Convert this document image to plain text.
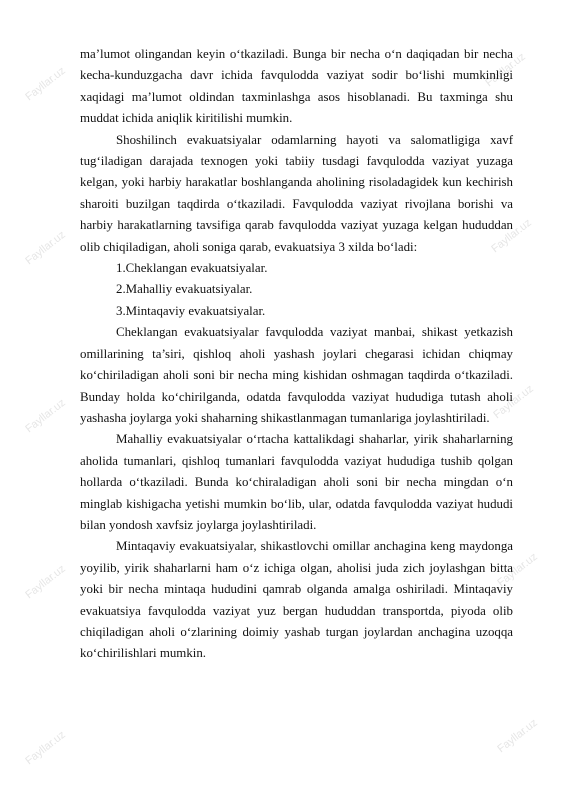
Fayllar.uz	Fayllar.uz
Fayllar.uz	Fayllar.uz
Fayllar.uz	Fayllar.uz
Fayllar.uz	Fayllar.uz
Fayllar.uz	Fayllar.uz

ma’lumot olingandan keyin o‘tkaziladi. Bunga bir necha o‘n daqiqadan bir necha kecha-kunduzgacha davr ichida favqulodda vaziyat sodir bo‘lishi mumkinligi xaqidagi ma’lumot oldindan taxminlashga asos hisoblanadi. Bu taxminga shu muddat ichida aniqlik kiritilishi mumkin.

Shoshilinch evakuatsiyalar odamlarning hayoti va salomatligiga xavf tug‘iladigan darajada texnogen yoki tabiiy tusdagi favqulodda vaziyat yuzaga kelgan, yoki harbiy harakatlar boshlanganda aholining risoladagidek kun kechirish sharoiti buzilgan taqdirda o‘tkaziladi. Favqulodda vaziyat rivojlana borishi va harbiy harakatlarning tavsifiga qarab favqulodda vaziyat yuzaga kelgan hududdan olib chiqiladigan, aholi soniga qarab, evakuatsiya 3 xilda bo‘ladi:

1.Cheklangan evakuatsiyalar.

2.Mahalliy evakuatsiyalar.

3.Mintaqaviy evakuatsiyalar.

Cheklangan evakuatsiyalar favqulodda vaziyat manbai, shikast yetkazish omillarining ta’siri, qishloq aholi yashash joylari chegarasi ichidan chiqmay ko‘chiriladigan aholi soni bir necha ming kishidan oshmagan taqdirda o‘tkaziladi. Bunday holda ko‘chirilganda, odatda favqulodda vaziyat hududiga tutash aholi yashasha joylarga yoki shaharning shikastlanmagan tumanlariga joylashtiriladi.

Mahalliy evakuatsiyalar o‘rtacha kattalikdagi shaharlar, yirik shaharlarning aholida tumanlari, qishloq tumanlari favqulodda vaziyat hududiga tushib qolgan hollarda o‘tkaziladi. Bunda ko‘chiraladigan aholi soni bir necha mingdan o‘n minglab kishigacha yetishi mumkin bo‘lib, ular, odatda favqulodda vaziyat hududi bilan yondosh xavfsiz joylarga joylashtiriladi.

Mintaqaviy evakuatsiyalar, shikastlovchi omillar anchagina keng maydonga yoyilib, yirik shaharlarni ham o‘z ichiga olgan, aholisi juda zich joylashgan bitta yoki bir necha mintaqa hududini qamrab olganda amalga oshiriladi. Mintaqaviy evakuatsiya favqulodda vaziyat yuz bergan hududdan transportda, piyoda olib chiqiladigan aholi o‘zlarining doimiy yashab turgan joylardan anchagina uzoqqa ko‘chirilishlari mumkin.
